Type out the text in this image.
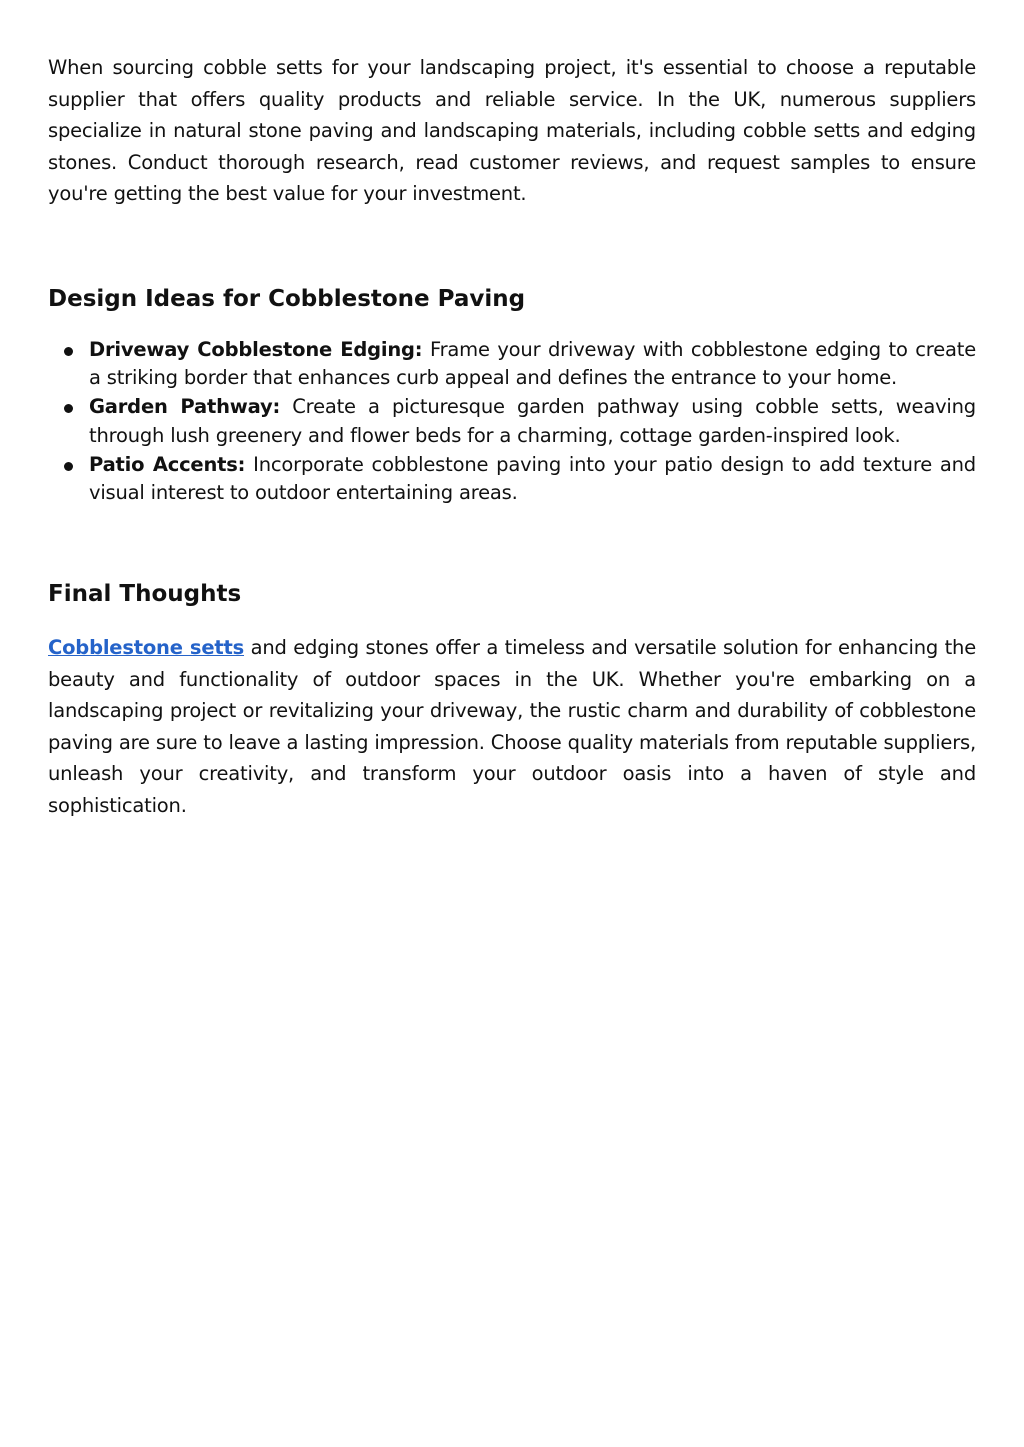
When sourcing cobble setts for your landscaping project, it's essential to choose a reputable supplier that offers quality products and reliable service. In the UK, numerous suppliers specialize in natural stone paving and landscaping materials, including cobble setts and edging stones. Conduct thorough research, read customer reviews, and request samples to ensure you're getting the best value for your investment.

Design Ideas for Cobblestone Paving
Driveway Cobblestone Edging: Frame your driveway with cobblestone edging to create a striking border that enhances curb appeal and defines the entrance to your home.
Garden Pathway: Create a picturesque garden pathway using cobble setts, weaving through lush greenery and flower beds for a charming, cottage garden-inspired look.
Patio Accents: Incorporate cobblestone paving into your patio design to add texture and visual interest to outdoor entertaining areas.
Final Thoughts

Cobblestone setts and edging stones offer a timeless and versatile solution for enhancing the beauty and functionality of outdoor spaces in the UK. Whether you're embarking on a landscaping project or revitalizing your driveway, the rustic charm and durability of cobblestone paving are sure to leave a lasting impression. Choose quality materials from reputable suppliers, unleash your creativity, and transform your outdoor oasis into a haven of style and sophistication.
